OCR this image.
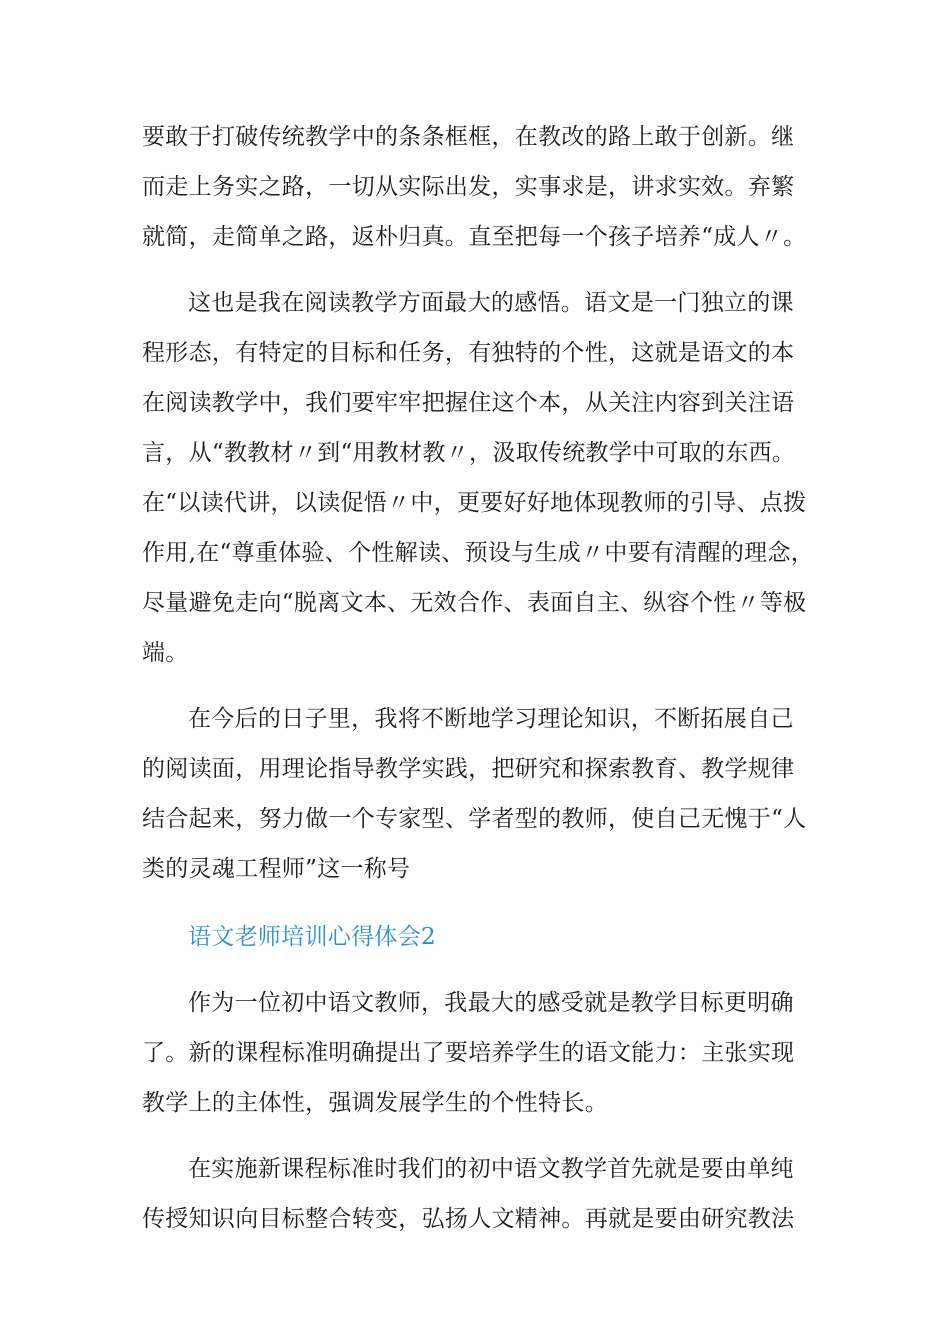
要敢于打破传统教学中的条条框框，在教改的路上敢于创新。继

而走上务实之路，一切从实际出发，实事求是，讲求实效。弃繁

就简，走简单之路，返朴归真。直至把每一个孩子培养“成人〃。

这也是我在阅读教学方面最大的感悟。语文是一门独立的课

程形态，有特定的目标和任务，有独特的个性，这就是语文的本

在阅读教学中，我们要牢牢把握住这个本，从关注内容到关注语

言，从“教教材〃到“用教材教〃，汲取传统教学中可取的东西。

在“以读代讲，以读促悟〃中，更要好好地体现教师的引导、点拨

作用,在“尊重体验、个性解读、预设与生成〃中要有清醒的理念，

尽量避免走向“脱离文本、无效合作、表面自主、纵容个性〃等极

端。

在今后的日子里，我将不断地学习理论知识，不断拓展自己

的阅读面，用理论指导教学实践，把研究和探索教育、教学规律

结合起来，努力做一个专家型、学者型的教师，使自己无愧于“人

类的灵魂工程师”这一称号

语文老师培训心得体会2

作为一位初中语文教师，我最大的感受就是教学目标更明确

了。新的课程标准明确提出了要培养学生的语文能力：主张实现

教学上的主体性，强调发展学生的个性特长。

在实施新课程标准时我们的初中语文教学首先就是要由单纯

传授知识向目标整合转变，弘扬人文精神。再就是要由研究教法
